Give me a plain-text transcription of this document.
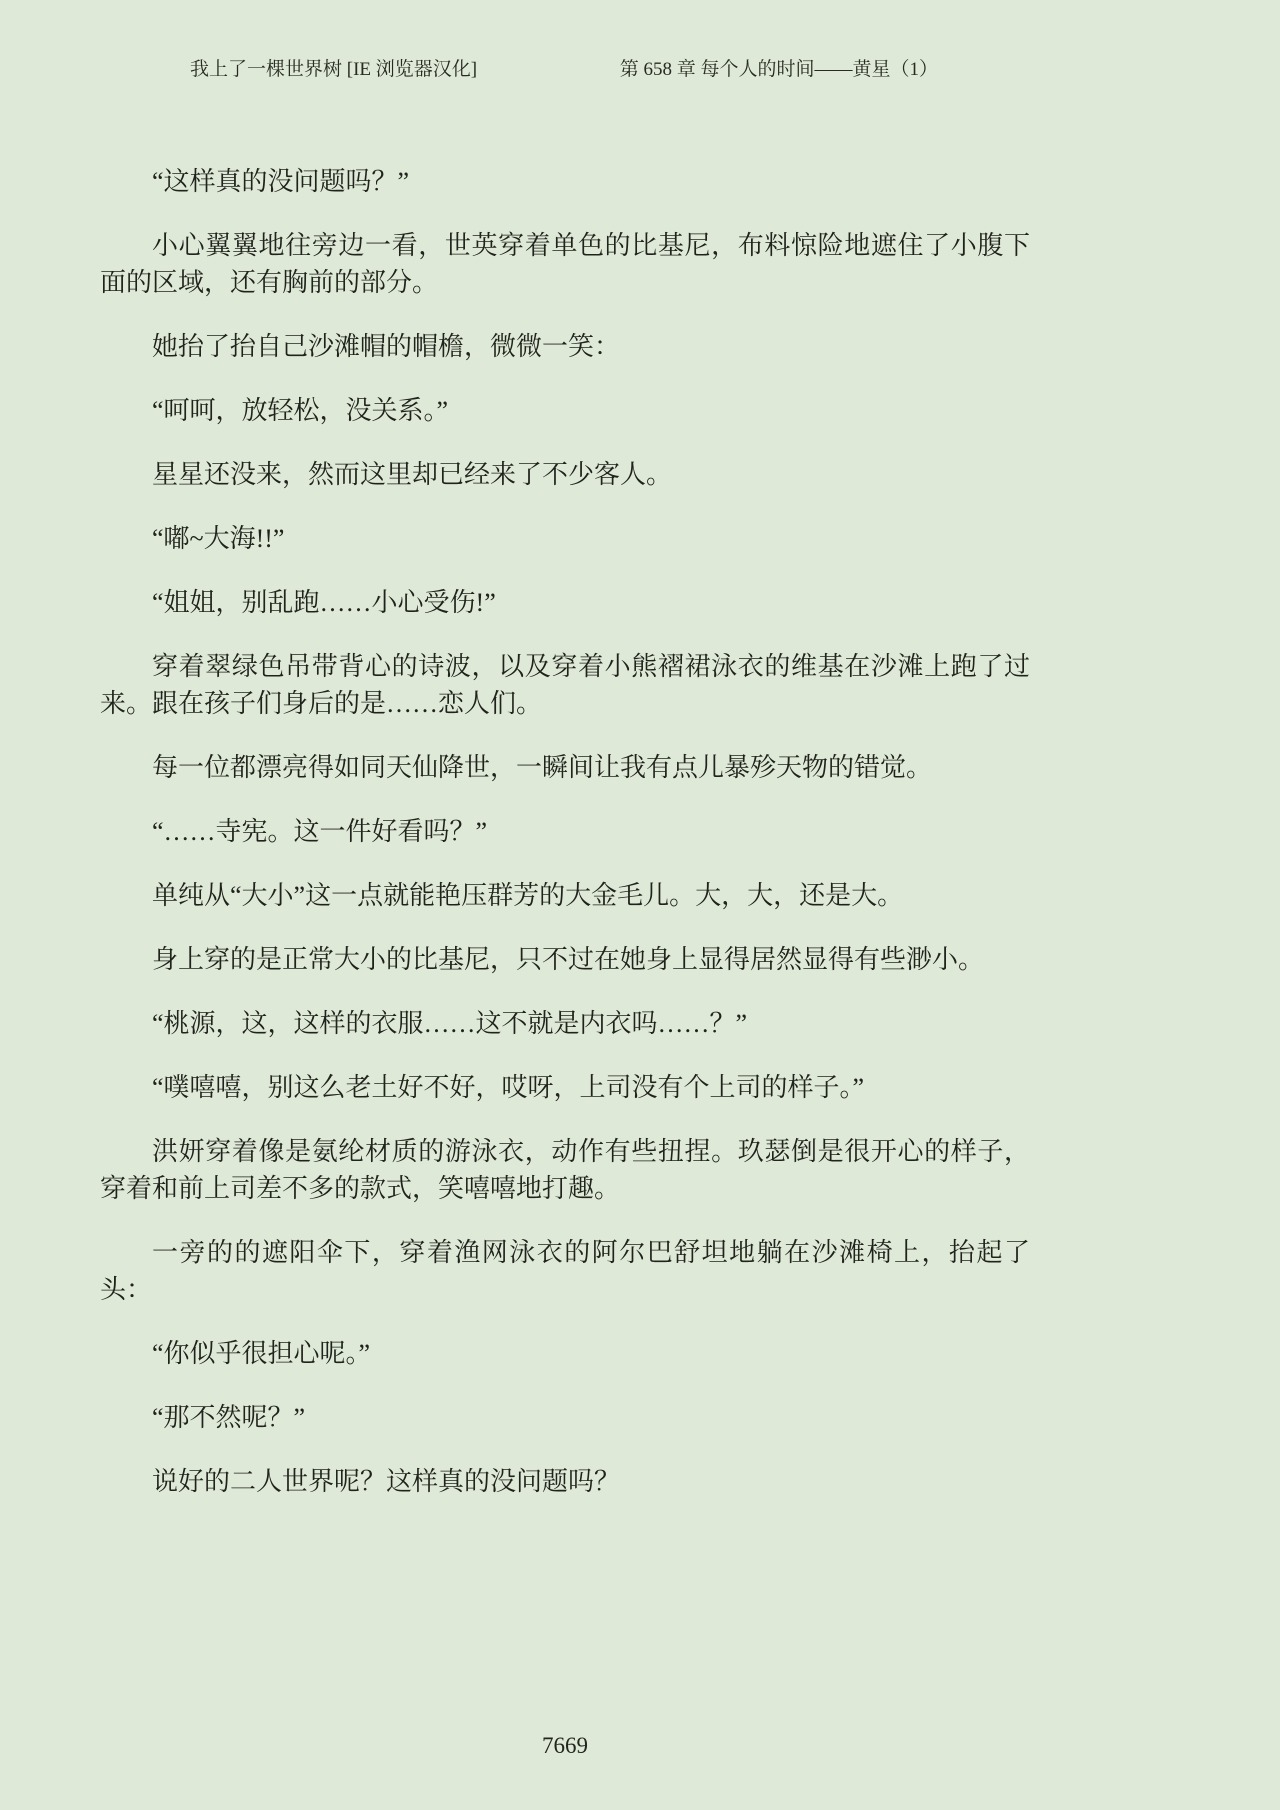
我上了一棵世界树 [IE 浏览器汉化]	第 658 章 每个人的时间——黄星（1）

“这样真的没问题吗？”

小心翼翼地往旁边一看，世英穿着单色的比基尼，布料惊险地遮住了小腹下面的区域，还有胸前的部分。

她抬了抬自己沙滩帽的帽檐，微微一笑：

“呵呵，放轻松，没关系。”

星星还没来，然而这里却已经来了不少客人。

“嘟~大海!!”

“姐姐，别乱跑……小心受伤!”

穿着翠绿色吊带背心的诗波，以及穿着小熊褶裙泳衣的维基在沙滩上跑了过来。跟在孩子们身后的是……恋人们。

每一位都漂亮得如同天仙降世，一瞬间让我有点儿暴殄天物的错觉。

“……寺宪。这一件好看吗？”

单纯从“大小”这一点就能艳压群芳的大金毛儿。大，大，还是大。

身上穿的是正常大小的比基尼，只不过在她身上显得居然显得有些渺小。

“桃源，这，这样的衣服……这不就是内衣吗……？”

“噗嘻嘻，别这么老土好不好，哎呀，上司没有个上司的样子。”

洪妍穿着像是氨纶材质的游泳衣，动作有些扭捏。玖瑟倒是很开心的样子，穿着和前上司差不多的款式，笑嘻嘻地打趣。

一旁的的遮阳伞下，穿着渔网泳衣的阿尔巴舒坦地躺在沙滩椅上，抬起了头：

“你似乎很担心呢。”

“那不然呢？”

说好的二人世界呢？这样真的没问题吗？

7669
